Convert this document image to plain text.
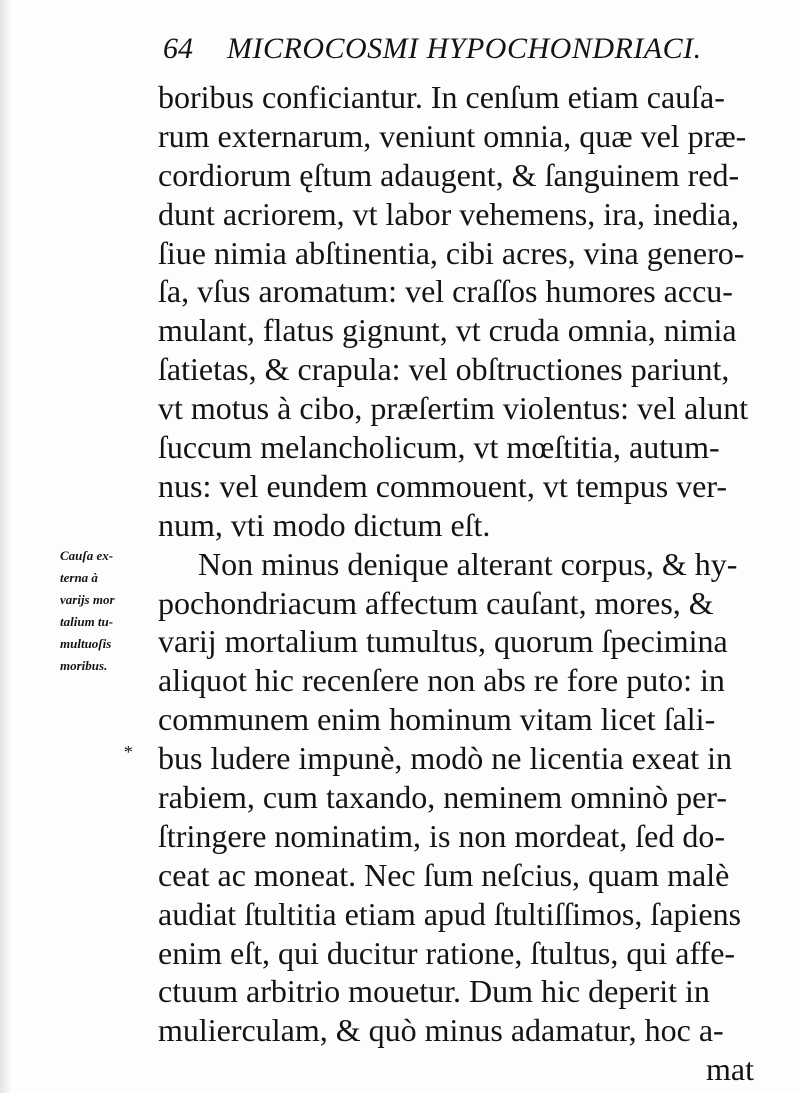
64 MICROCOSMI HYPOCHONDRIACI.
Cauſa ex-
terna à
varijs mor
talium tu-
multuoſis
moribus.
*
boribus conficiantur. In cenſum etiam cauſa-
rum externarum, veniunt omnia, quæ vel præ-
cordiorum ęſtum adaugent, & ſanguinem red-
dunt acriorem, vt labor vehemens, ira, inedia,
ſiue nimia abſtinentia, cibi acres, vina genero-
ſa, vſus aromatum: vel craſſos humores accu-
mulant, flatus gignunt, vt cruda omnia, nimia
ſatietas, & crapula: vel obſtructiones pariunt,
vt motus à cibo, præſertim violentus: vel alunt
ſuccum melancholicum, vt mœſtitia, autum-
nus: vel eundem commouent, vt tempus ver-
num, vti modo dictum eſt.
Non minus denique alterant corpus, & hy-
pochondriacum affectum cauſant, mores, &
varij mortalium tumultus, quorum ſpecimina
aliquot hic recenſere non abs re fore puto: in
communem enim hominum vitam licet ſali-
bus ludere impunè, modò ne licentia exeat in
rabiem, cum taxando, neminem omninò per-
ſtringere nominatim, is non mordeat, ſed do-
ceat ac moneat. Nec ſum neſcius, quam malè
audiat ſtultitia etiam apud ſtultiſſimos, ſapiens
enim eſt, qui ducitur ratione, ſtultus, qui affe-
ctuum arbitrio mouetur. Dum hic deperit in
mulierculam, & quò minus adamatur, hoc a-
mat
